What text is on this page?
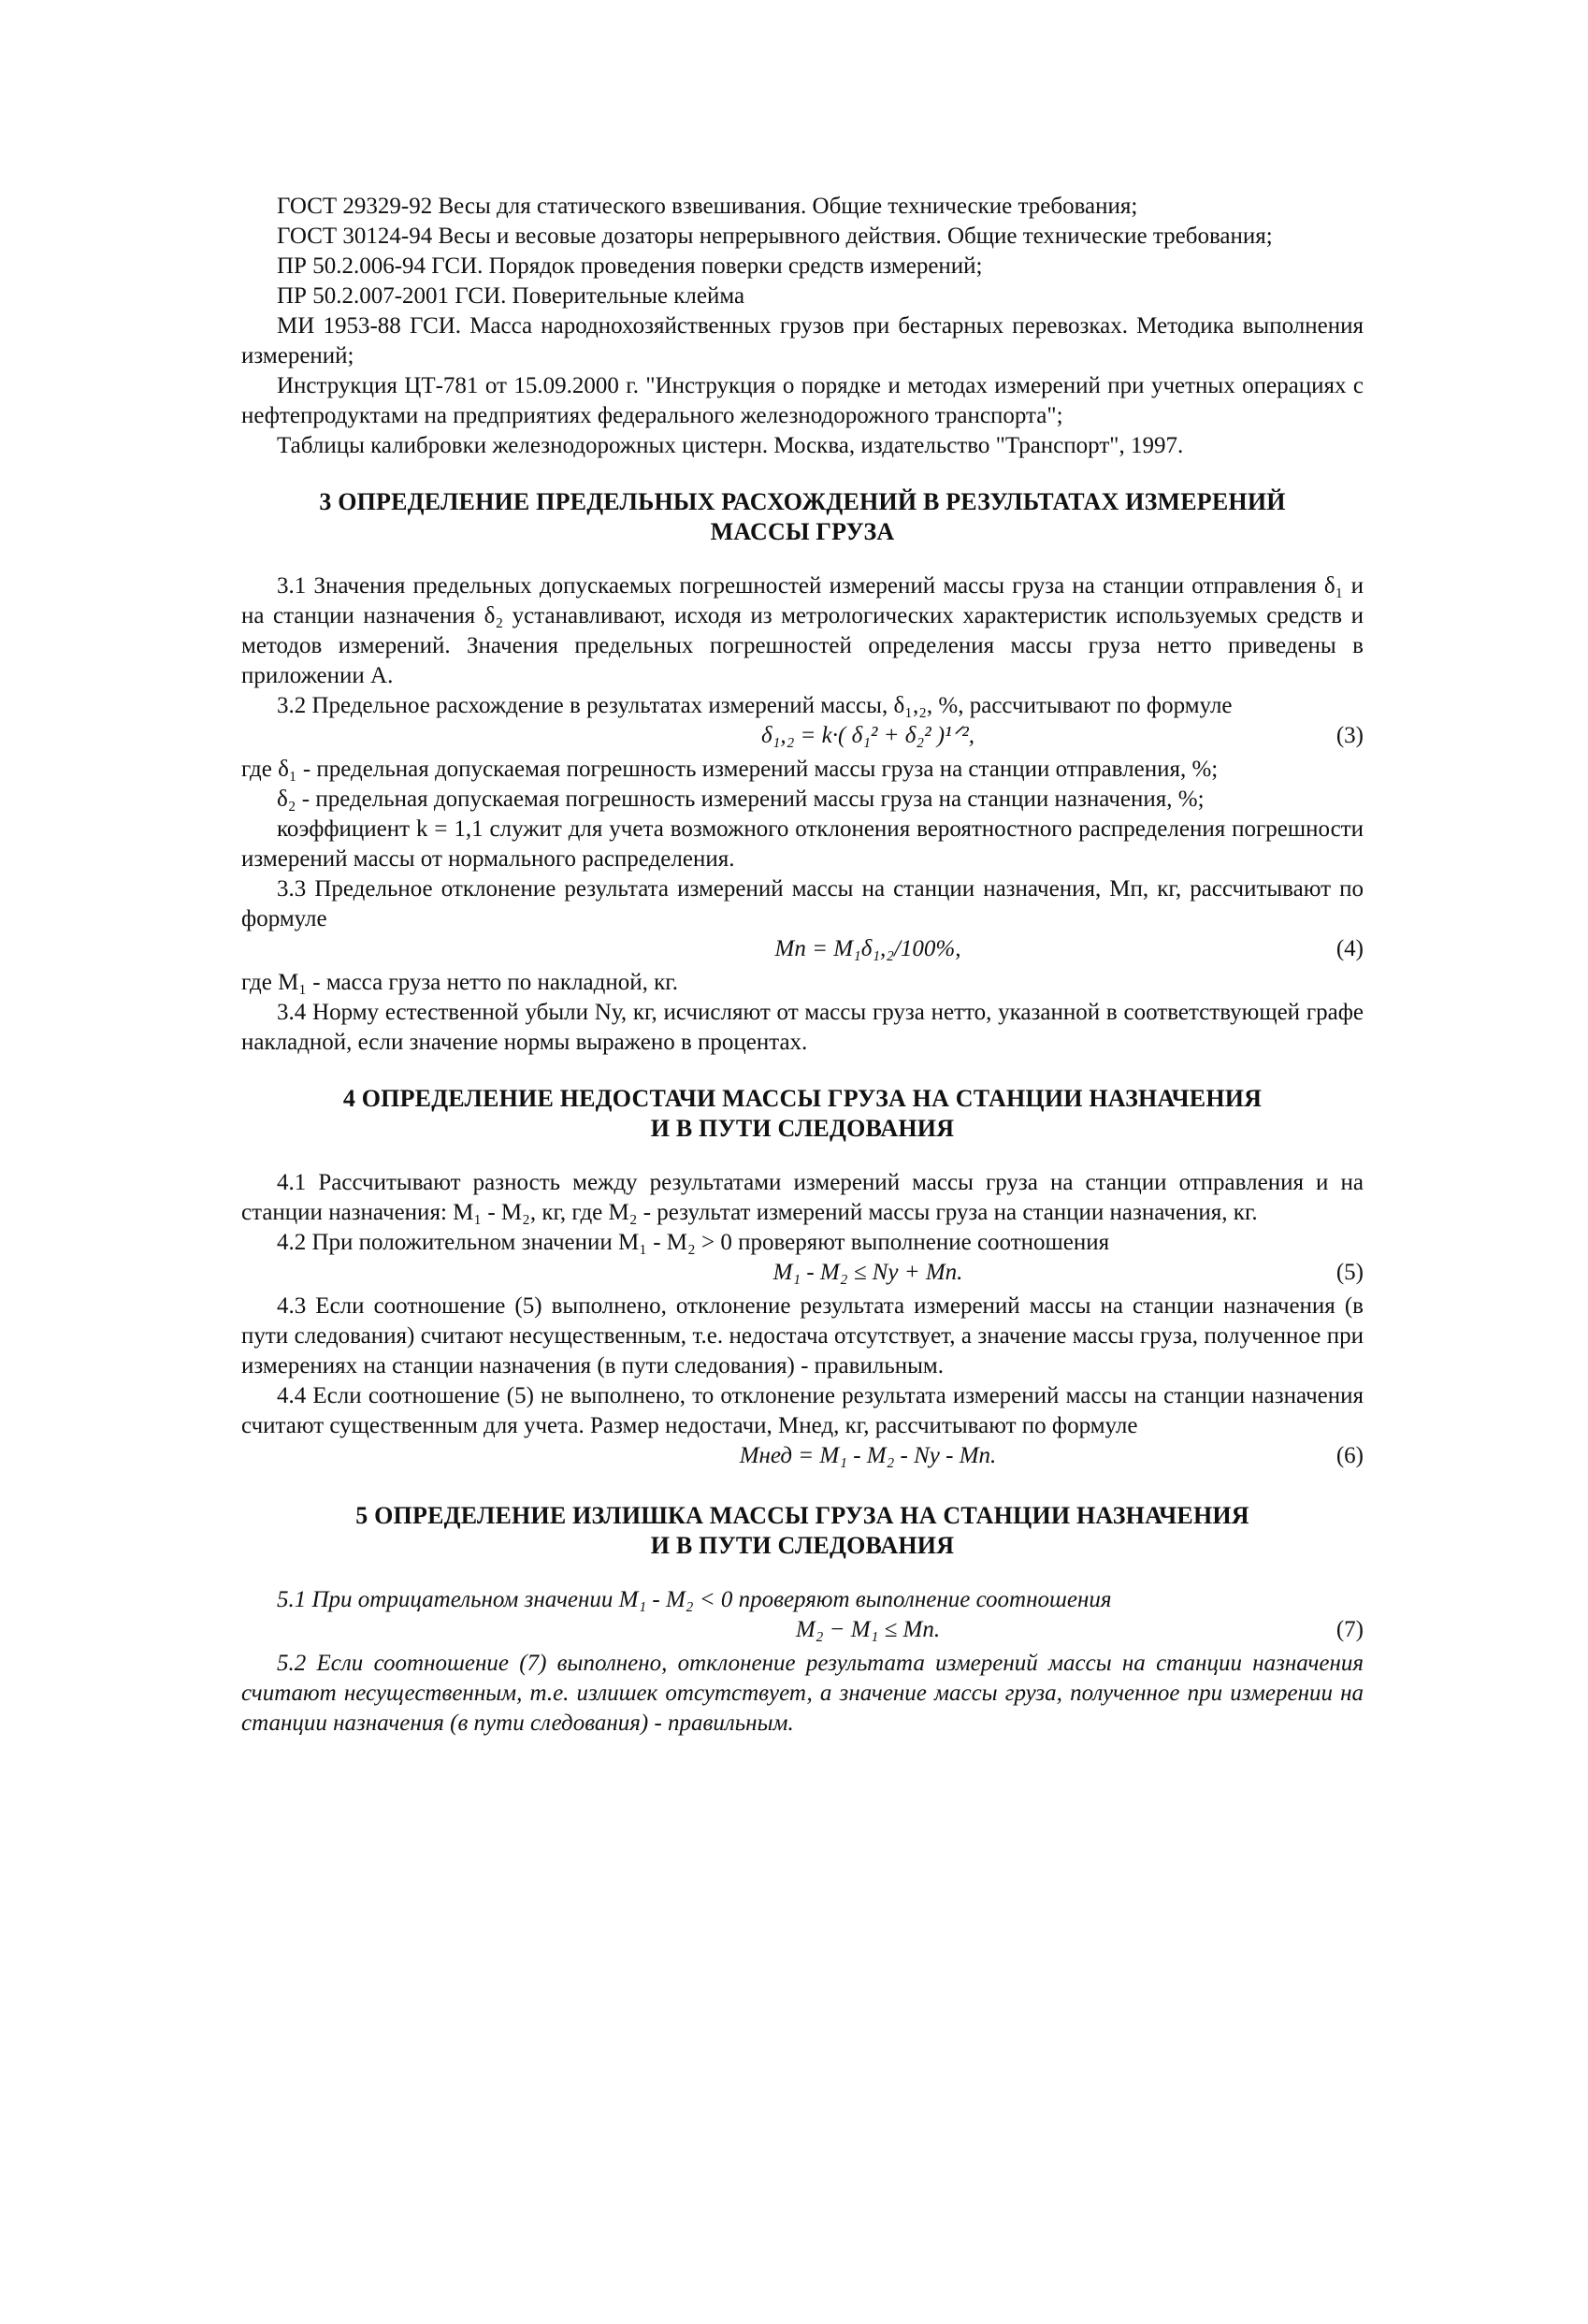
ГОСТ 29329-92 Весы для статического взвешивания. Общие технические требования;

ГОСТ 30124-94 Весы и весовые дозаторы непрерывного действия. Общие технические требования;

ПР 50.2.006-94 ГСИ. Порядок проведения поверки средств измерений;

ПР 50.2.007-2001 ГСИ. Поверительные клейма

МИ 1953-88 ГСИ. Масса народнохозяйственных грузов при бестарных перевозках. Методика выполнения измерений;

Инструкция ЦТ-781 от 15.09.2000 г. "Инструкция о порядке и методах измерений при учетных операциях с нефтепродуктами на предприятиях федерального железнодорожного транспорта";

Таблицы калибровки железнодорожных цистерн. Москва, издательство "Транспорт", 1997.

3 ОПРЕДЕЛЕНИЕ ПРЕДЕЛЬНЫХ РАСХОЖДЕНИЙ В РЕЗУЛЬТАТАХ ИЗМЕРЕНИЙ
МАССЫ ГРУЗА

3.1 Значения предельных допускаемых погрешностей измерений массы груза на станции отправления δ₁ и на станции назначения δ₂ устанавливают, исходя из метрологических характеристик используемых средств и методов измерений. Значения предельных погрешностей определения массы груза нетто приведены в приложении А.

3.2 Предельное расхождение в результатах измерений массы, δ₁,₂, %, рассчитывают по формуле

δ₁,₂ = k·( δ₁² + δ₂² )¹ᐟ²,	(3)

где δ₁ - предельная допускаемая погрешность измерений массы груза на станции отправления, %;

δ₂ - предельная допускаемая погрешность измерений массы груза на станции назначения, %;

коэффициент k = 1,1 служит для учета возможного отклонения вероятностного распределения погрешности измерений массы от нормального распределения.

3.3 Предельное отклонение результата измерений массы на станции назначения, Mп, кг, рассчитывают по формуле

Mп = M₁δ₁,₂/100%,	(4)

где M₁ - масса груза нетто по накладной, кг.

3.4 Норму естественной убыли Nу, кг, исчисляют от массы груза нетто, указанной в соответствующей графе накладной, если значение нормы выражено в процентах.

4 ОПРЕДЕЛЕНИЕ НЕДОСТАЧИ МАССЫ ГРУЗА НА СТАНЦИИ НАЗНАЧЕНИЯ
И В ПУТИ СЛЕДОВАНИЯ

4.1 Рассчитывают разность между результатами измерений массы груза на станции отправления и на станции назначения: M₁ - M₂, кг, где M₂ - результат измерений массы груза на станции назначения, кг.

4.2 При положительном значении M₁ - M₂ > 0 проверяют выполнение соотношения

M₁ - M₂ ≤ Nу + Mп.	(5)

4.3 Если соотношение (5) выполнено, отклонение результата измерений массы на станции назначения (в пути следования) считают несущественным, т.е. недостача отсутствует, а значение массы груза, полученное при измерениях на станции назначения (в пути следования) - правильным.

4.4 Если соотношение (5) не выполнено, то отклонение результата измерений массы на станции назначения считают существенным для учета. Размер недостачи, Mнед, кг, рассчитывают по формуле

Mнед = M₁ - M₂ - Nу - Mп.	(6)
5 ОПРЕДЕЛЕНИЕ ИЗЛИШКА МАССЫ ГРУЗА НА СТАНЦИИ НАЗНАЧЕНИЯ
И В ПУТИ СЛЕДОВАНИЯ

5.1 При отрицательном значении M₁ - M₂ < 0 проверяют выполнение соотношения

M₂ − M₁ ≤ Mп.	(7)

5.2 Если соотношение (7) выполнено, отклонение результата измерений массы на станции назначения считают несущественным, т.е. излишек отсутствует, а значение массы груза, полученное при измерении на станции назначения (в пути следования) - правильным.
